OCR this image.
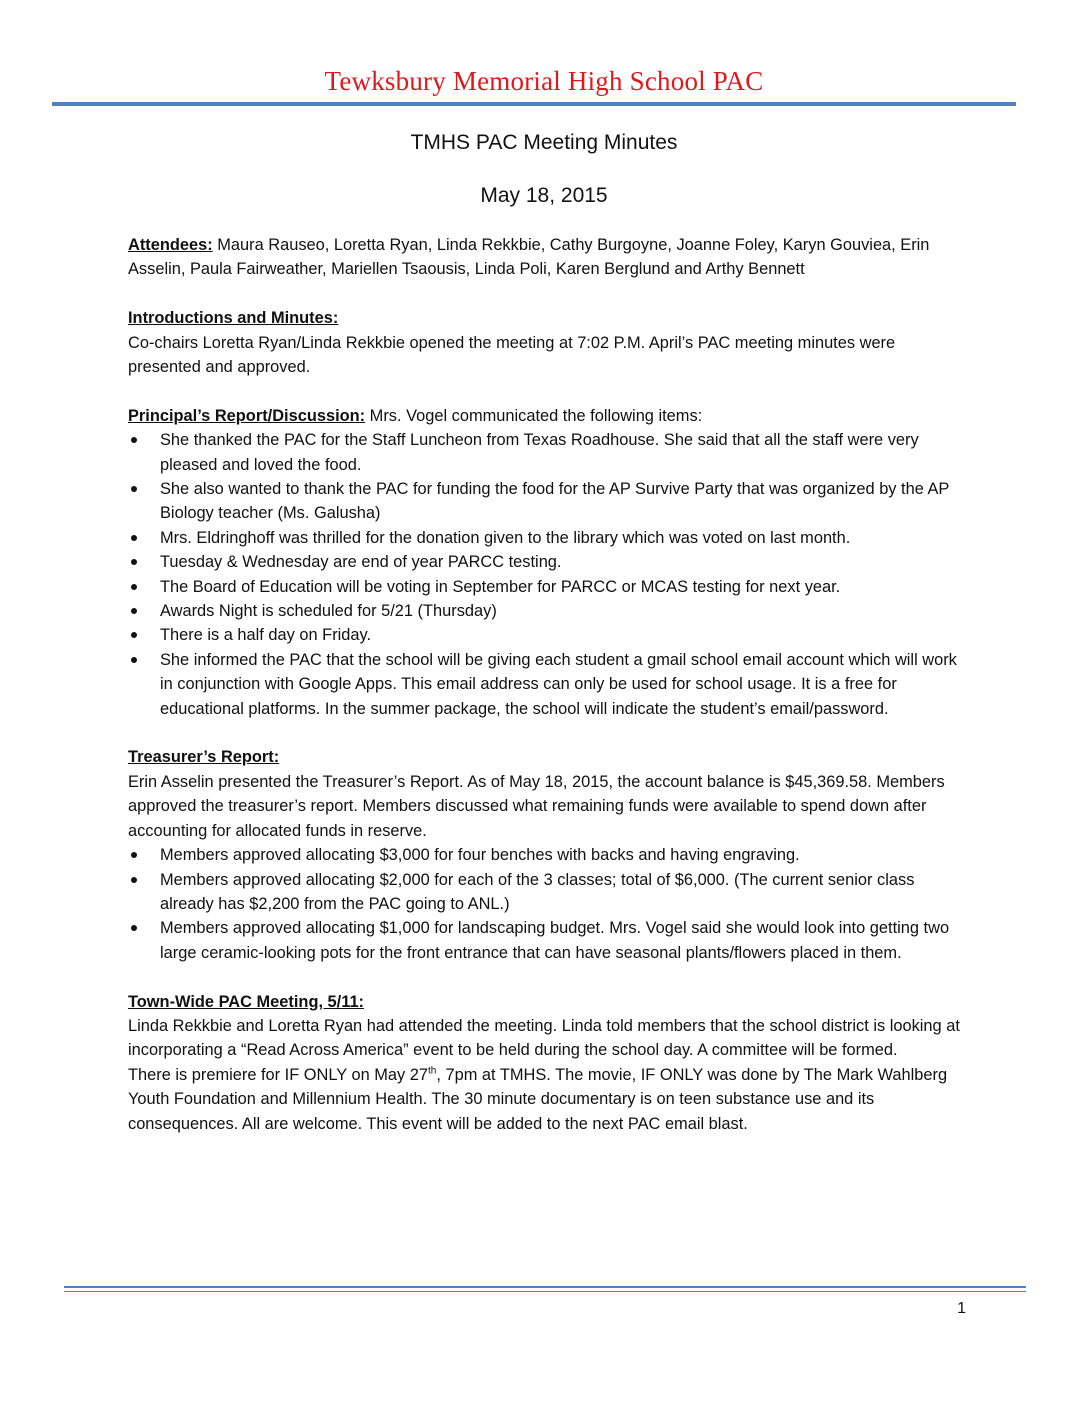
Tewksbury Memorial High School PAC
TMHS PAC Meeting Minutes
May 18, 2015

Attendees: Maura Rauseo, Loretta Ryan, Linda Rekkbie, Cathy Burgoyne, Joanne Foley, Karyn Gouviea, Erin Asselin, Paula Fairweather, Mariellen Tsaousis, Linda Poli, Karen Berglund and Arthy Bennett

Introductions and Minutes:

Co-chairs Loretta Ryan/Linda Rekkbie opened the meeting at 7:02 P.M. April’s PAC meeting minutes were presented and approved.

Principal’s Report/Discussion: Mrs. Vogel communicated the following items:

She thanked the PAC for the Staff Luncheon from Texas Roadhouse. She said that all the staff were very pleased and loved the food.
She also wanted to thank the PAC for funding the food for the AP Survive Party that was organized by the AP Biology teacher (Ms. Galusha)
Mrs. Eldringhoff was thrilled for the donation given to the library which was voted on last month.
Tuesday & Wednesday are end of year PARCC testing.
The Board of Education will be voting in September for PARCC or MCAS testing for next year.
Awards Night is scheduled for 5/21 (Thursday)
There is a half day on Friday.
She informed the PAC that the school will be giving each student a gmail school email account which will work in conjunction with Google Apps. This email address can only be used for school usage. It is a free for educational platforms. In the summer package, the school will indicate the student’s email/password.
Treasurer’s Report:

Erin Asselin presented the Treasurer’s Report. As of May 18, 2015, the account balance is $45,369.58. Members approved the treasurer’s report. Members discussed what remaining funds were available to spend down after accounting for allocated funds in reserve.

Members approved allocating $3,000 for four benches with backs and having engraving.
Members approved allocating $2,000 for each of the 3 classes; total of $6,000. (The current senior class already has $2,200 from the PAC going to ANL.)
Members approved allocating $1,000 for landscaping budget. Mrs. Vogel said she would look into getting two large ceramic-looking pots for the front entrance that can have seasonal plants/flowers placed in them.
Town-Wide PAC Meeting, 5/11:

Linda Rekkbie and Loretta Ryan had attended the meeting. Linda told members that the school district is looking at incorporating a “Read Across America” event to be held during the school day. A committee will be formed.

There is premiere for IF ONLY on May 27th, 7pm at TMHS. The movie, IF ONLY was done by The Mark Wahlberg Youth Foundation and Millennium Health. The 30 minute documentary is on teen substance use and its consequences. All are welcome. This event will be added to the next PAC email blast.

1
